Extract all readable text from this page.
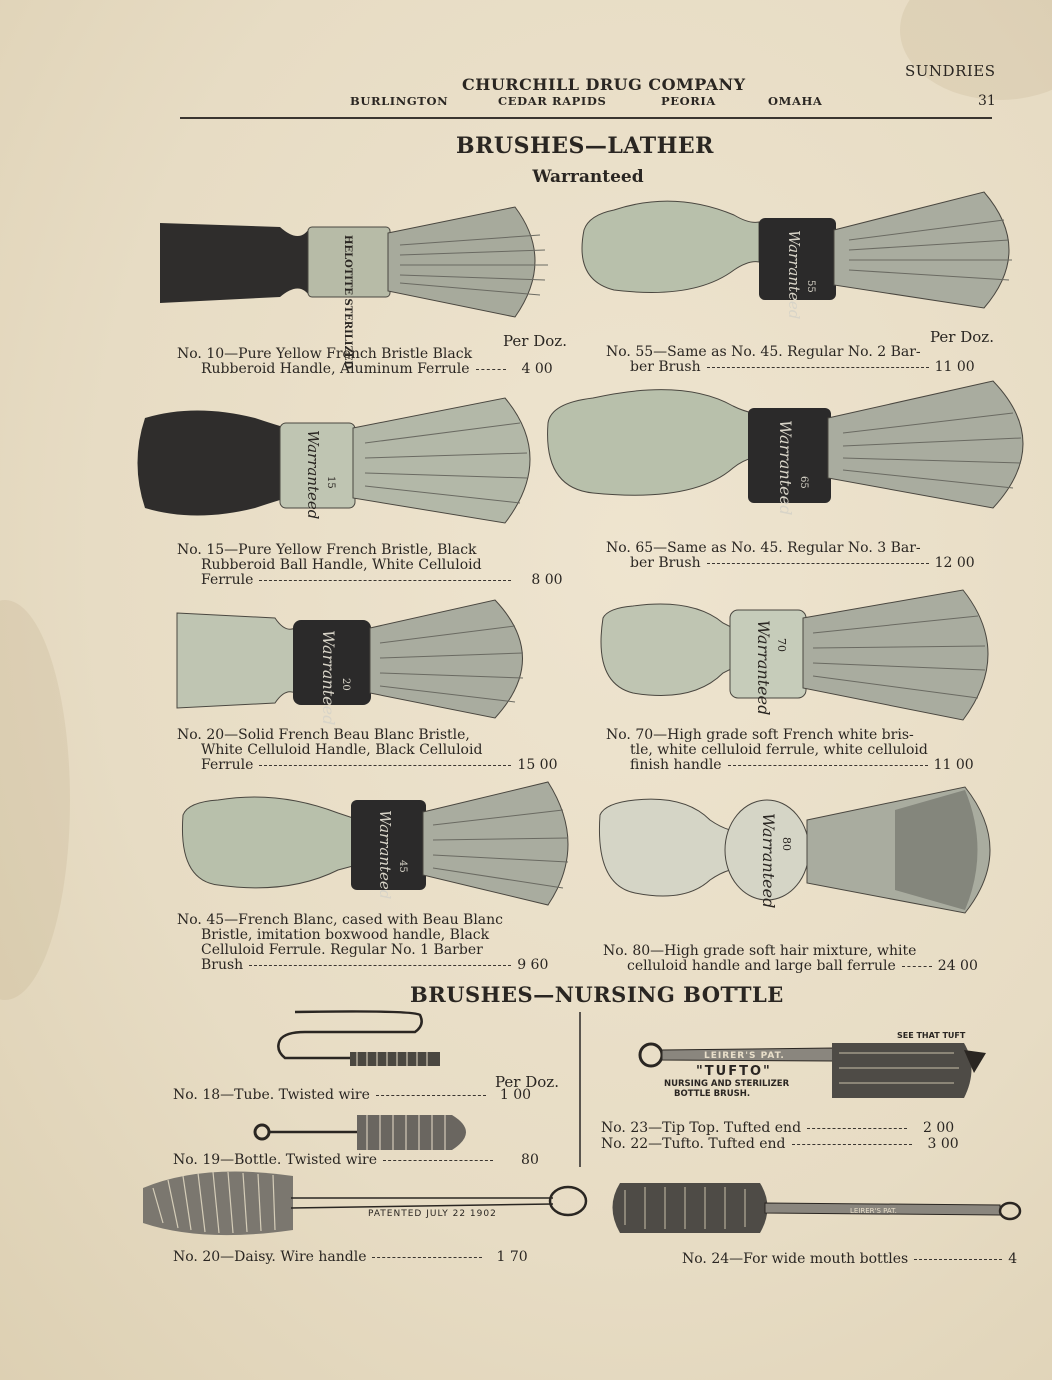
SUNDRIES
CHURCHILL DRUG COMPANY
BURLINGTON	CEDAR RAPIDS	PEORIA	OMAHA	31
BRUSHES—LATHER
Warranteed
HELOTITE STERILIZED	Warranteed 55
Warranteed 15	Warranteed 65
Warranteed 20	Warranteed 70
Warranteed 45	Warranteed 80
Per Doz.	Per Doz.
No. 10—Pure Yellow French Bristle Black
Rubberoid Handle, Aluminum Ferrule	4 00
No. 55—Same as No. 45. Regular No. 2 Bar-
ber Brush	11 00
No. 15—Pure Yellow French Bristle, Black
Rubberoid Ball Handle, White Celluloid
Ferrule	8 00
No. 65—Same as No. 45. Regular No. 3 Bar-
ber Brush	12 00
No. 20—Solid French Beau Blanc Bristle,
White Celluloid Handle, Black Celluloid
Ferrule	15 00
No. 70—High grade soft French white bris-
tle, white celluloid ferrule, white celluloid
finish handle	11 00
No. 45—French Blanc, cased with Beau Blanc
Bristle, imitation boxwood handle, Black
Celluloid Ferrule. Regular No. 1 Barber
Brush	9 60
No. 80—High grade soft hair mixture, white
celluloid handle and large ball ferrule	24 00
BRUSHES—NURSING BOTTLE
PATENTED JULY 22 1902
SEE THAT TUFT
LEIRER'S PAT.
"TUFTO"
NURSING AND STERILIZER
BOTTLE BRUSH.
LEIRER'S PAT.
Per Doz.
No. 18—Tube. Twisted wire	1 00
No. 19—Bottle. Twisted wire	80
No. 20—Daisy. Wire handle	1 70
No. 23—Tip Top. Tufted end	2 00
No. 22—Tufto. Tufted end	3 00
No. 24—For wide mouth bottles	4
